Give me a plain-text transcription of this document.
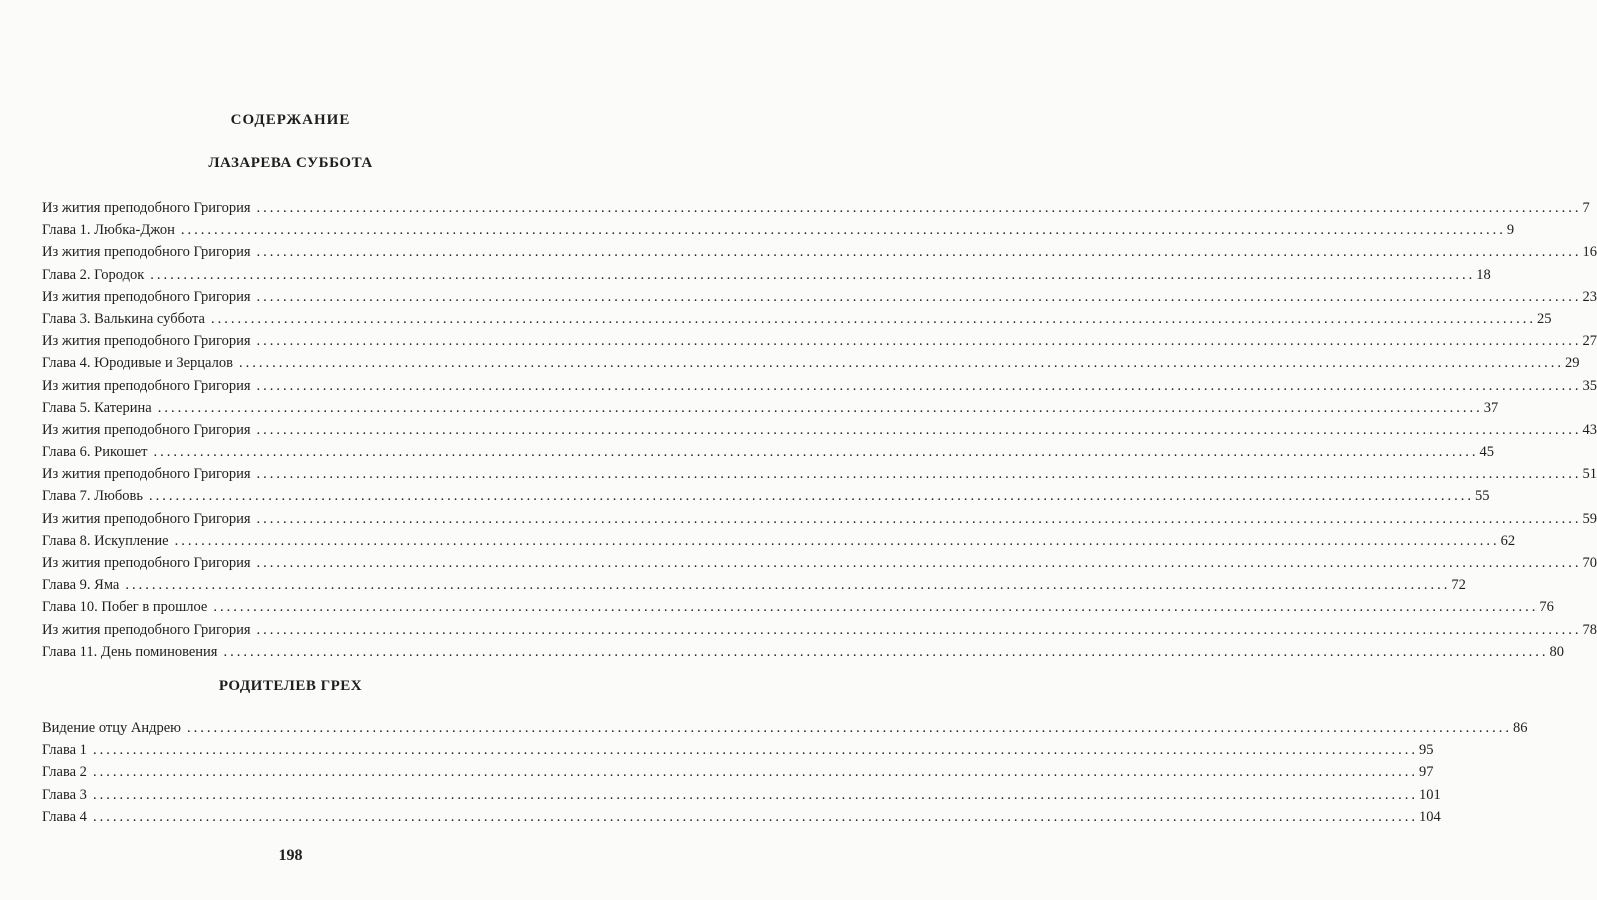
СОДЕРЖАНИЕ
ЛАЗАРЕВА СУББОТА
Из жития преподобного Григория ........................................................................................................................................................................................................ 7
Глава 1. Любка-Джон ........................................................................................................................................................................................................ 9
Из жития преподобного Григория ........................................................................................................................................................................................................ 16
Глава 2. Городок ........................................................................................................................................................................................................ 18
Из жития преподобного Григория ........................................................................................................................................................................................................ 23
Глава 3. Валькина суббота ........................................................................................................................................................................................................ 25
Из жития преподобного Григория ........................................................................................................................................................................................................ 27
Глава 4. Юродивые и Зерцалов ........................................................................................................................................................................................................ 29
Из жития преподобного Григория ........................................................................................................................................................................................................ 35
Глава 5. Катерина ........................................................................................................................................................................................................ 37
Из жития преподобного Григория ........................................................................................................................................................................................................ 43
Глава 6. Рикошет ........................................................................................................................................................................................................ 45
Из жития преподобного Григория ........................................................................................................................................................................................................ 51
Глава 7. Любовь ........................................................................................................................................................................................................ 55
Из жития преподобного Григория ........................................................................................................................................................................................................ 59
Глава 8. Искупление ........................................................................................................................................................................................................ 62
Из жития преподобного Григория ........................................................................................................................................................................................................ 70
Глава 9. Яма ........................................................................................................................................................................................................ 72
Глава 10. Побег в прошлое ........................................................................................................................................................................................................ 76
Из жития преподобного Григория ........................................................................................................................................................................................................ 78
Глава 11. День поминовения ........................................................................................................................................................................................................ 80
РОДИТЕЛЕВ ГРЕХ
Видение отцу Андрею ........................................................................................................................................................................................................ 86
Глава 1 ........................................................................................................................................................................................................ 95
Глава 2 ........................................................................................................................................................................................................ 97
Глава 3 ........................................................................................................................................................................................................ 101
Глава 4 ........................................................................................................................................................................................................ 104
198
